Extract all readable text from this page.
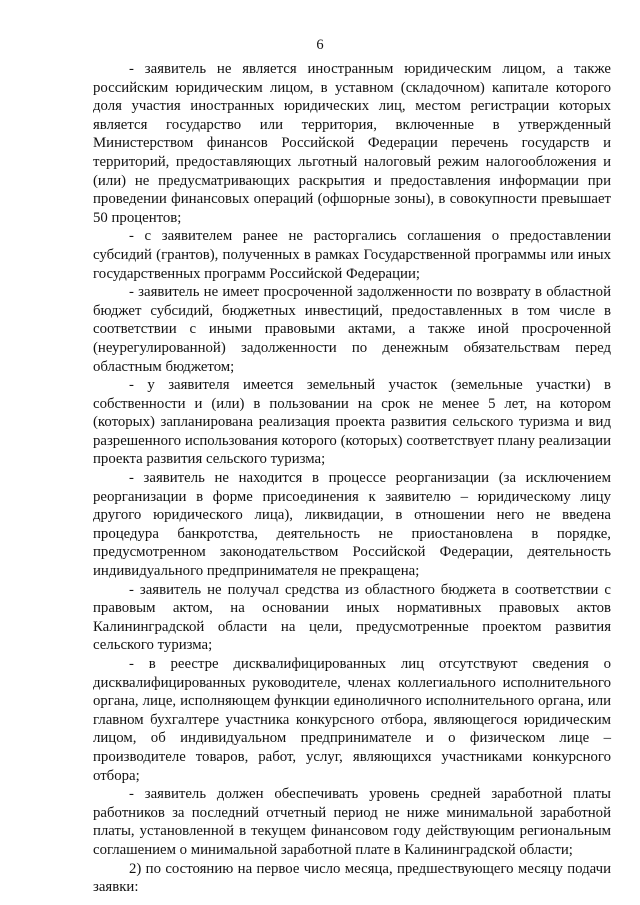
6

- заявитель не является иностранным юридическим лицом, а также российским юридическим лицом, в уставном (складочном) капитале которого доля участия иностранных юридических лиц, местом регистрации которых является государство или территория, включенные в утвержденный Министерством финансов Российской Федерации перечень государств и территорий, предоставляющих льготный налоговый режим налогообложения и (или) не предусматривающих раскрытия и предоставления информации при проведении финансовых операций (офшорные зоны), в совокупности превышает 50 процентов;

- с заявителем ранее не расторгались соглашения о предоставлении субсидий (грантов), полученных в рамках Государственной программы или иных государственных программ Российской Федерации;

- заявитель не имеет просроченной задолженности по возврату в областной бюджет субсидий, бюджетных инвестиций, предоставленных в том числе в соответствии с иными правовыми актами, а также иной просроченной (неурегулированной) задолженности по денежным обязательствам перед областным бюджетом;

- у заявителя имеется земельный участок (земельные участки) в собственности и (или) в пользовании на срок не менее 5 лет, на котором (которых) запланирована реализация проекта развития сельского туризма и вид разрешенного использования которого (которых) соответствует плану реализации проекта развития сельского туризма;

- заявитель не находится в процессе реорганизации (за исключением реорганизации в форме присоединения к заявителю – юридическому лицу другого юридического лица), ликвидации, в отношении него не введена процедура банкротства, деятельность не приостановлена в порядке, предусмотренном законодательством Российской Федерации, деятельность индивидуального предпринимателя не прекращена;

- заявитель не получал средства из областного бюджета в соответствии с правовым актом, на основании иных нормативных правовых актов Калининградской области на цели, предусмотренные проектом развития сельского туризма;

- в реестре дисквалифицированных лиц отсутствуют сведения о дисквалифицированных руководителе, членах коллегиального исполнительного органа, лице, исполняющем функции единоличного исполнительного органа, или главном бухгалтере участника конкурсного отбора, являющегося юридическим лицом, об индивидуальном предпринимателе и о физическом лице – производителе товаров, работ, услуг, являющихся участниками конкурсного отбора;

- заявитель должен обеспечивать уровень средней заработной платы работников за последний отчетный период не ниже минимальной заработной платы, установленной в текущем финансовом году действующим региональным соглашением о минимальной заработной плате в Калининградской области;

2) по состоянию на первое число месяца, предшествующего месяцу подачи заявки:
